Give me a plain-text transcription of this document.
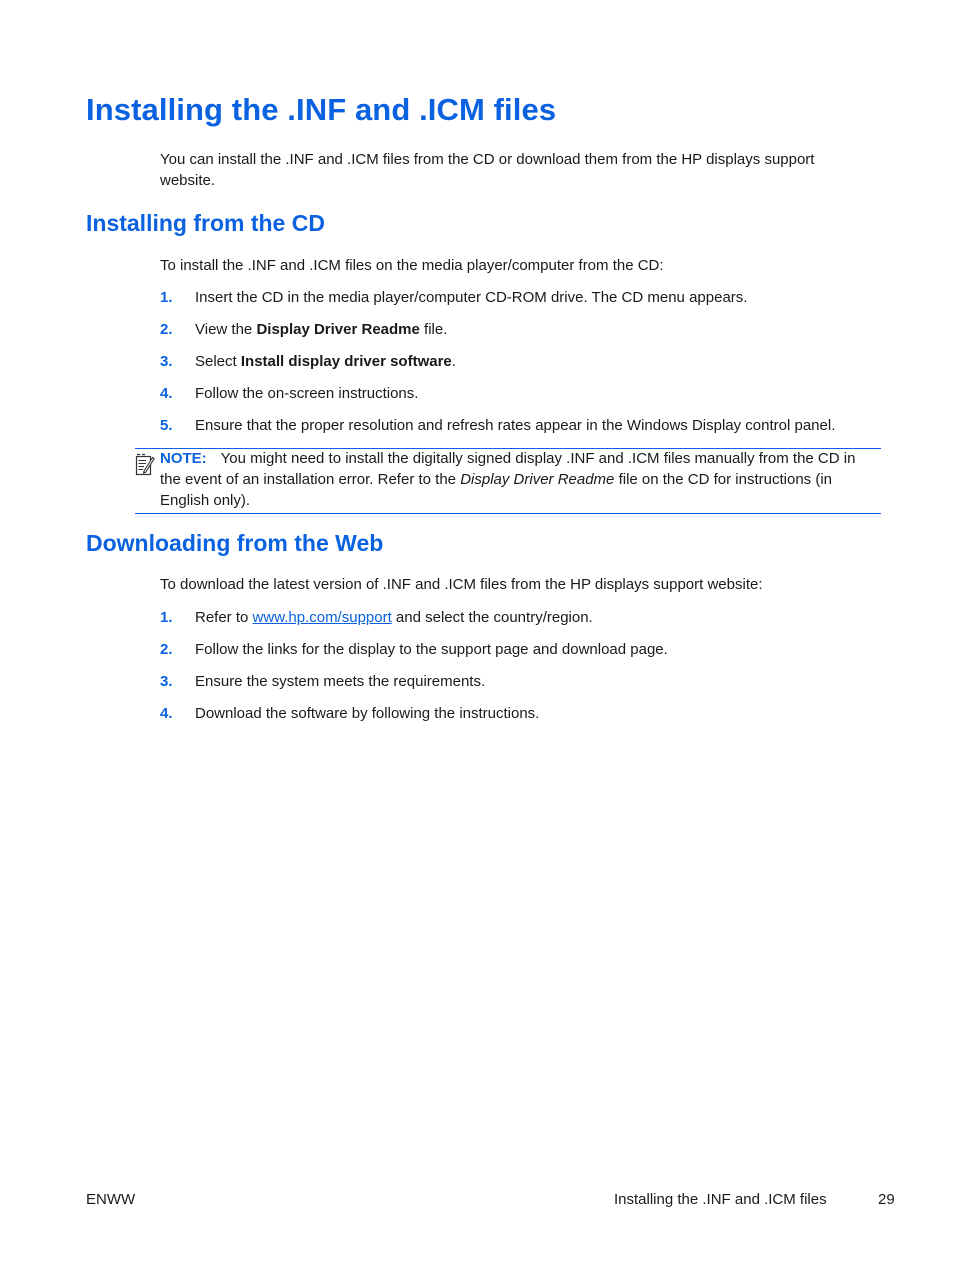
Installing the .INF and .ICM files

You can install the .INF and .ICM files from the CD or download them from the HP displays support website.

Installing from the CD

To install the .INF and .ICM files on the media player/computer from the CD:

1.	Insert the CD in the media player/computer CD-ROM drive. The CD menu appears.
2.	View the Display Driver Readme file.
3.	Select Install display driver software.
4.	Follow the on-screen instructions.
5.	Ensure that the proper resolution and refresh rates appear in the Windows Display control panel.
NOTE: You might need to install the digitally signed display .INF and .ICM files manually from the CD in the event of an installation error. Refer to the Display Driver Readme file on the CD for instructions (in English only).
Downloading from the Web

To download the latest version of .INF and .ICM files from the HP displays support website:

1.	Refer to www.hp.com/support and select the country/region.
2.	Follow the links for the display to the support page and download page.
3.	Ensure the system meets the requirements.
4.	Download the software by following the instructions.
ENWW	Installing the .INF and .ICM files	29
